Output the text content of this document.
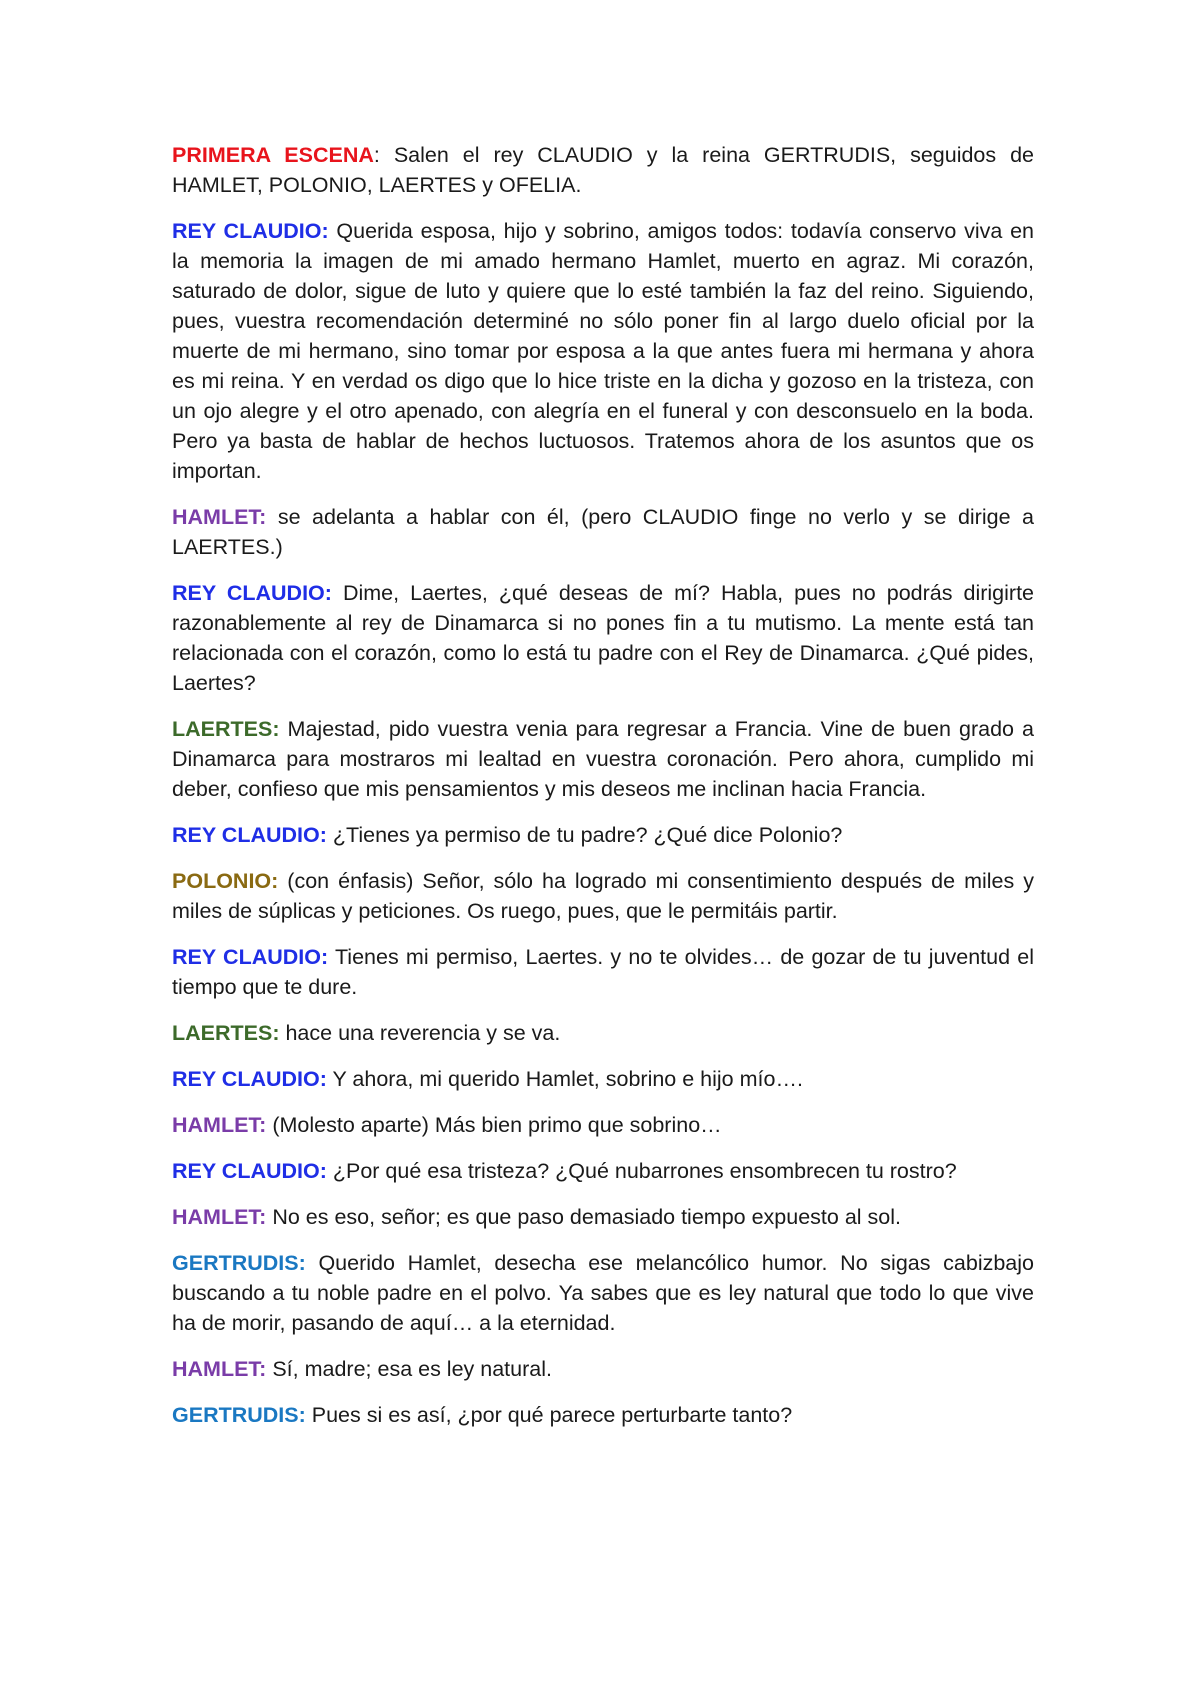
PRIMERA ESCENA: Salen el rey CLAUDIO y la reina GERTRUDIS, seguidos de HAMLET, POLONIO, LAERTES y OFELIA.

REY CLAUDIO: Querida esposa, hijo y sobrino, amigos todos: todavía conservo viva en la memoria la imagen de mi amado hermano Hamlet, muerto en agraz. Mi corazón, saturado de dolor, sigue de luto y quiere que lo esté también la faz del reino. Siguiendo, pues, vuestra recomendación determiné no sólo poner fin al largo duelo oficial por la muerte de mi hermano, sino tomar por esposa a la que antes fuera mi hermana y ahora es mi reina. Y en verdad os digo que lo hice triste en la dicha y gozoso en la tristeza, con un ojo alegre y el otro apenado, con alegría en el funeral y con desconsuelo en la boda. Pero ya basta de hablar de hechos luctuosos. Tratemos ahora de los asuntos que os importan.

HAMLET: se adelanta a hablar con él, (pero CLAUDIO finge no verlo y se dirige a LAERTES.)

REY CLAUDIO: Dime, Laertes, ¿qué deseas de mí? Habla, pues no podrás dirigirte razonablemente al rey de Dinamarca si no pones fin a tu mutismo. La mente está tan relacionada con el corazón, como lo está tu padre con el Rey de Dinamarca. ¿Qué pides, Laertes?

LAERTES: Majestad, pido vuestra venia para regresar a Francia. Vine de buen grado a Dinamarca para mostraros mi lealtad en vuestra coronación. Pero ahora, cumplido mi deber, confieso que mis pensamientos y mis deseos me inclinan hacia Francia.

REY CLAUDIO: ¿Tienes ya permiso de tu padre? ¿Qué dice Polonio?

POLONIO: (con énfasis) Señor, sólo ha logrado mi consentimiento después de miles y miles de súplicas y peticiones. Os ruego, pues, que le permitáis partir.

REY CLAUDIO: Tienes mi permiso, Laertes. y no te olvides… de gozar de tu juventud el tiempo que te dure.

LAERTES: hace una reverencia y se va.

REY CLAUDIO: Y ahora, mi querido Hamlet, sobrino e hijo mío….

HAMLET: (Molesto aparte) Más bien primo que sobrino…

REY CLAUDIO: ¿Por qué esa tristeza? ¿Qué nubarrones ensombrecen tu rostro?

HAMLET: No es eso, señor; es que paso demasiado tiempo expuesto al sol.

GERTRUDIS: Querido Hamlet, desecha ese melancólico humor. No sigas cabizbajo buscando a tu noble padre en el polvo. Ya sabes que es ley natural que todo lo que vive ha de morir, pasando de aquí… a la eternidad.

HAMLET: Sí, madre; esa es ley natural.

GERTRUDIS: Pues si es así, ¿por qué parece perturbarte tanto?
